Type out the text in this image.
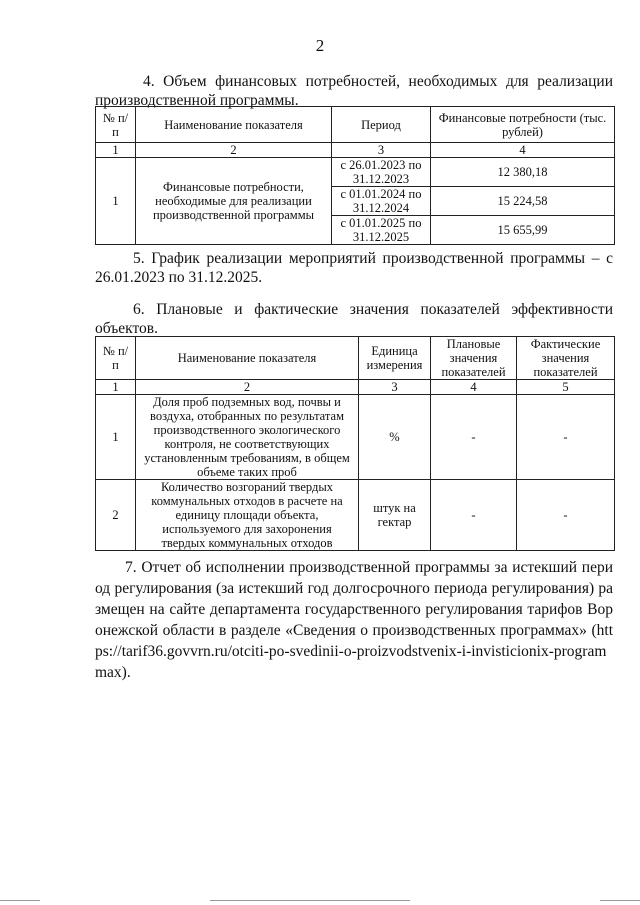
2
4. Объем финансовых потребностей, необходимых для реализации производственной программы.
№ п/п	Наименование показателя	Период	Финансовые потребности (тыс. рублей)
1	2	3	4
1	Финансовые потребности, необходимые для реализации производственной программы	с 26.01.2023 по 31.12.2023	12 380,18
		с 01.01.2024 по 31.12.2024	15 224,58
		с 01.01.2025 по 31.12.2025	15 655,99
5. График реализации мероприятий производственной программы – с 26.01.2023 по 31.12.2025.
6. Плановые и фактические значения показателей эффективности объектов.
№ п/п	Наименование показателя	Единица измерения	Плановые значения показателей	Фактические значения показателей
1	2	3	4	5
1	Доля проб подземных вод, почвы и воздуха, отобранных по результатам производственного экологического контроля, не соответствующих установленным требованиям, в общем объеме таких проб	%	-	-
2	Количество возгораний твердых коммунальных отходов в расчете на единицу площади объекта, используемого для захоронения твердых коммунальных отходов	штук на гектар	-	-
7. Отчет об исполнении производственной программы за истекший период регулирования (за истекший год долгосрочного периода регулирования) размещен на сайте департамента государственного регулирования тарифов Воронежской области в разделе «Сведения о производственных программах» (https://tarif36.govvrn.ru/otciti-po-svedinii-o-proizvodstvenix-i-invisticionix-programmax).
